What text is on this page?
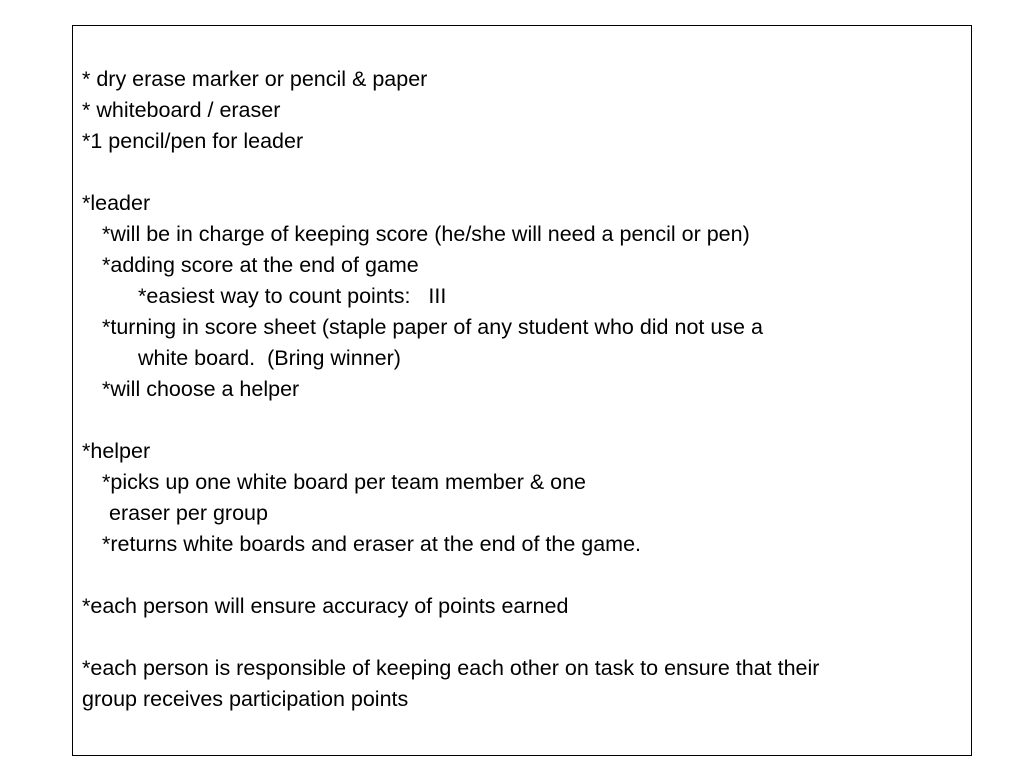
* dry erase marker or pencil & paper
* whiteboard / eraser
*1 pencil/pen for leader
*leader
*will be in charge of keeping score (he/she will need a pencil or pen)
*adding score at the end of game
*easiest way to count points:   III
*turning in score sheet (staple paper of any student who did not use a
white board.  (Bring winner)
*will choose a helper
*helper
*picks up one white board per team member & one
eraser per group
*returns white boards and eraser at the end of the game.
*each person will ensure accuracy of points earned
*each person is responsible of keeping each other on task to ensure that their
group receives participation points
